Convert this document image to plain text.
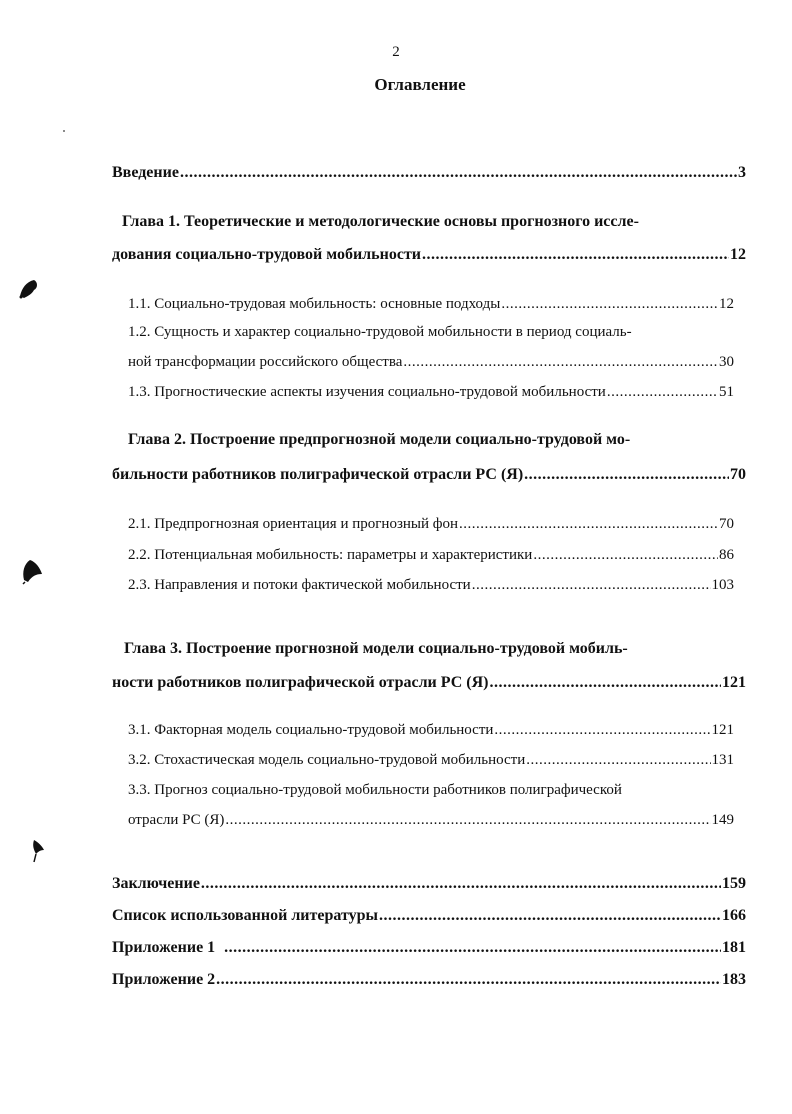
2
Оглавление
Введение .....	3
Глава 1. Теоретические и методологические основы прогнозного иссле-
дования социально-трудовой мобильности .....	12
1.1. Социально-трудовая мобильность: основные подходы .....	12
1.2. Сущность и характер социально-трудовой мобильности в период социаль-
ной трансформации российского общества .....	30
1.3. Прогностические аспекты изучения социально-трудовой мобильности .....	51
Глава 2. Построение предпрогнозной модели социально-трудовой мо-
бильности работников полиграфической отрасли РС (Я) .....	70
2.1. Предпрогнозная ориентация и прогнозный фон .....	70
2.2. Потенциальная мобильность: параметры и характеристики .....	86
2.3. Направления и потоки фактической мобильности .....	103
Глава 3. Построение прогнозной модели социально-трудовой мобиль-
ности работников полиграфической отрасли РС (Я) .....	121
3.1. Факторная модель социально-трудовой мобильности .....	121
3.2. Стохастическая модель социально-трудовой мобильности .....	131
3.3. Прогноз социально-трудовой мобильности работников полиграфической
отрасли РС (Я) .....	149
Заключение .....	159
Список использованной литературы .....	166
Приложение 1 .....	181
Приложение 2 .....	183
